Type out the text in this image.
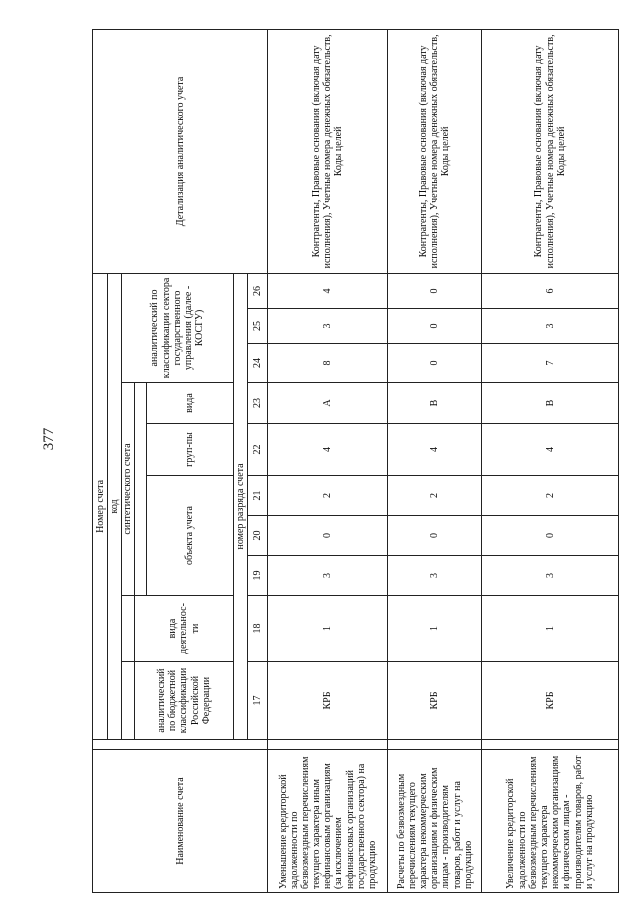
377
Наименование счета		Номер счета										Детализация аналитического учета
		код										
				синтетического счета					аналитический по классификации сектора государственного управления (далее - КОСГУ)			
		аналитический по бюджетной классификации Российской Федерации	вида деятельнос-ти									
				объекта учета			груп-пы	вида				
		номер разряда счета										
		17	18	19	20	21	22	23	24	25	26	
Уменьшение кредиторской задолженности по безвозмездным перечислениям текущего характера иным нефинансовым организациям (за исключением нефинансовых организаций государственного сектора) на продукцию		КРБ	1	3	0	2	4	А	8	3	4	Контрагенты, Правовые основания (включая дату исполнения), Учетные номера денежных обязательств, Коды целей
Расчеты по безвозмездным перечислениям текущего характера некоммерческим организациям и физическим лицам - производителям товаров, работ и услуг на продукцию		КРБ	1	3	0	2	4	В	0	0	0	Контрагенты, Правовые основания (включая дату исполнения), Учетные номера денежных обязательств, Коды целей
Увеличение кредиторской задолженности по безвозмездным перечислениям текущего характера некоммерческим организациям и физическим лицам - производителям товаров, работ и услуг на продукцию		КРБ	1	3	0	2	4	В	7	3	6	Контрагенты, Правовые основания (включая дату исполнения), Учетные номера денежных обязательств, Коды целей
